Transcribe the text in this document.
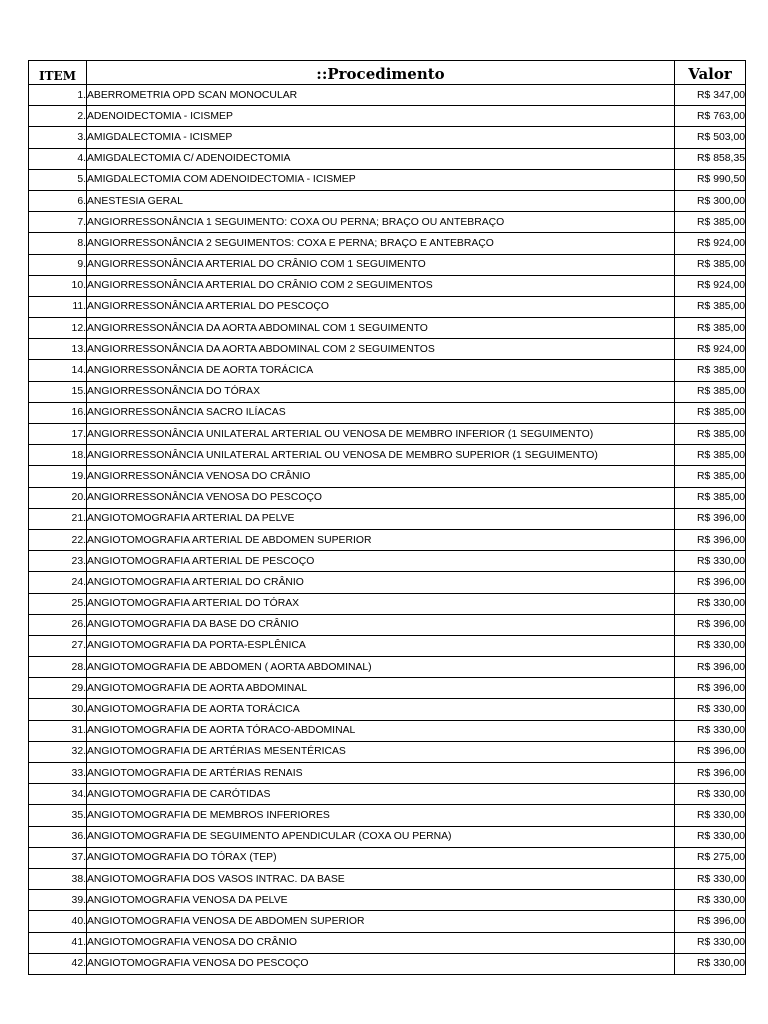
ITEM	::Procedimento	Valor
1.	ABERROMETRIA OPD SCAN MONOCULAR	R$ 347,00
2.	ADENOIDECTOMIA - ICISMEP	R$ 763,00
3.	AMIGDALECTOMIA - ICISMEP	R$ 503,00
4.	AMIGDALECTOMIA C/ ADENOIDECTOMIA	R$ 858,35
5.	AMIGDALECTOMIA COM ADENOIDECTOMIA - ICISMEP	R$ 990,50
6.	ANESTESIA GERAL	R$ 300,00
7.	ANGIORRESSONÂNCIA 1 SEGUIMENTO: COXA OU PERNA; BRAÇO OU ANTEBRAÇO	R$ 385,00
8.	ANGIORRESSONÂNCIA 2 SEGUIMENTOS: COXA E PERNA; BRAÇO E ANTEBRAÇO	R$ 924,00
9.	ANGIORRESSONÂNCIA ARTERIAL DO CRÂNIO COM 1 SEGUIMENTO	R$ 385,00
10.	ANGIORRESSONÂNCIA ARTERIAL DO CRÂNIO COM 2 SEGUIMENTOS	R$ 924,00
11.	ANGIORRESSONÂNCIA ARTERIAL DO PESCOÇO	R$ 385,00
12.	ANGIORRESSONÂNCIA DA AORTA ABDOMINAL COM 1 SEGUIMENTO	R$ 385,00
13.	ANGIORRESSONÂNCIA DA AORTA ABDOMINAL COM 2 SEGUIMENTOS	R$ 924,00
14.	ANGIORRESSONÂNCIA DE AORTA TORÁCICA	R$ 385,00
15.	ANGIORRESSONÂNCIA DO TÓRAX	R$ 385,00
16.	ANGIORRESSONÂNCIA SACRO ILÍACAS	R$ 385,00
17.	ANGIORRESSONÂNCIA UNILATERAL ARTERIAL OU VENOSA DE MEMBRO INFERIOR (1 SEGUIMENTO)	R$ 385,00
18.	ANGIORRESSONÂNCIA UNILATERAL ARTERIAL OU VENOSA DE MEMBRO SUPERIOR (1 SEGUIMENTO)	R$ 385,00
19.	ANGIORRESSONÂNCIA VENOSA DO CRÂNIO	R$ 385,00
20.	ANGIORRESSONÂNCIA VENOSA DO PESCOÇO	R$ 385,00
21.	ANGIOTOMOGRAFIA ARTERIAL DA PELVE	R$ 396,00
22.	ANGIOTOMOGRAFIA ARTERIAL DE ABDOMEN SUPERIOR	R$ 396,00
23.	ANGIOTOMOGRAFIA ARTERIAL DE PESCOÇO	R$ 330,00
24.	ANGIOTOMOGRAFIA ARTERIAL DO CRÂNIO	R$ 396,00
25.	ANGIOTOMOGRAFIA ARTERIAL DO TÓRAX	R$ 330,00
26.	ANGIOTOMOGRAFIA DA BASE DO CRÂNIO	R$ 396,00
27.	ANGIOTOMOGRAFIA DA PORTA-ESPLÊNICA	R$ 330,00
28.	ANGIOTOMOGRAFIA DE ABDOMEN ( AORTA ABDOMINAL)	R$ 396,00
29.	ANGIOTOMOGRAFIA DE AORTA ABDOMINAL	R$ 396,00
30.	ANGIOTOMOGRAFIA DE AORTA TORÁCICA	R$ 330,00
31.	ANGIOTOMOGRAFIA DE AORTA TÓRACO-ABDOMINAL	R$ 330,00
32.	ANGIOTOMOGRAFIA DE ARTÉRIAS MESENTÉRICAS	R$ 396,00
33.	ANGIOTOMOGRAFIA DE ARTÉRIAS RENAIS	R$ 396,00
34.	ANGIOTOMOGRAFIA DE CARÓTIDAS	R$ 330,00
35.	ANGIOTOMOGRAFIA DE MEMBROS INFERIORES	R$ 330,00
36.	ANGIOTOMOGRAFIA DE SEGUIMENTO APENDICULAR (COXA OU PERNA)	R$ 330,00
37.	ANGIOTOMOGRAFIA DO TÓRAX (TEP)	R$ 275,00
38.	ANGIOTOMOGRAFIA DOS VASOS INTRAC. DA BASE	R$ 330,00
39.	ANGIOTOMOGRAFIA VENOSA DA PELVE	R$ 330,00
40.	ANGIOTOMOGRAFIA VENOSA DE ABDOMEN SUPERIOR	R$ 396,00
41.	ANGIOTOMOGRAFIA VENOSA DO CRÂNIO	R$ 330,00
42.	ANGIOTOMOGRAFIA VENOSA DO PESCOÇO	R$ 330,00
